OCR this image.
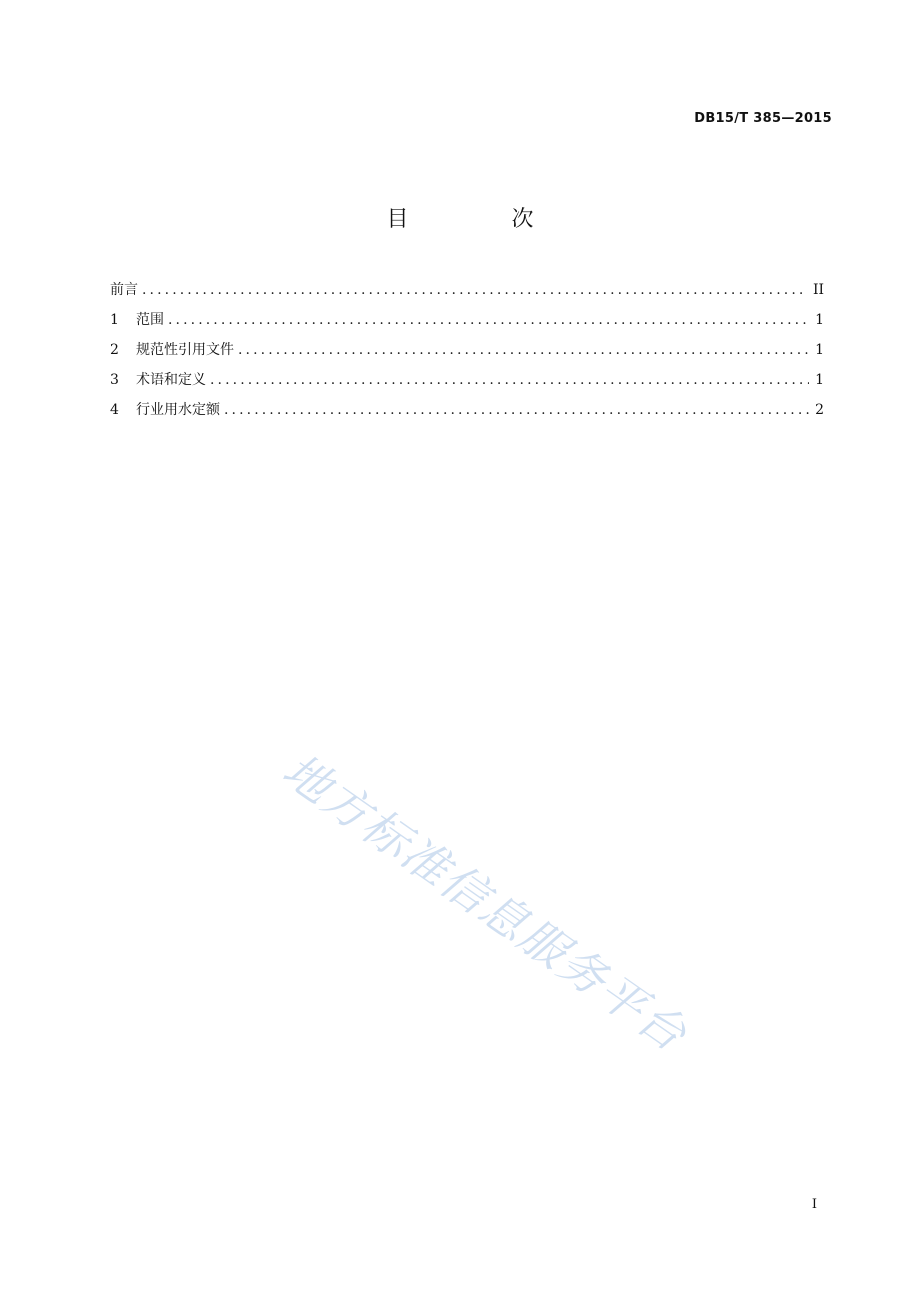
DB15/T 385—2015
目 次
前言 .....	II
1	范围 .....	1
2	规范性引用文件 .....	1
3	术语和定义 .....	1
4	行业用水定额 .....	2
地方标准信息服务平台
I
